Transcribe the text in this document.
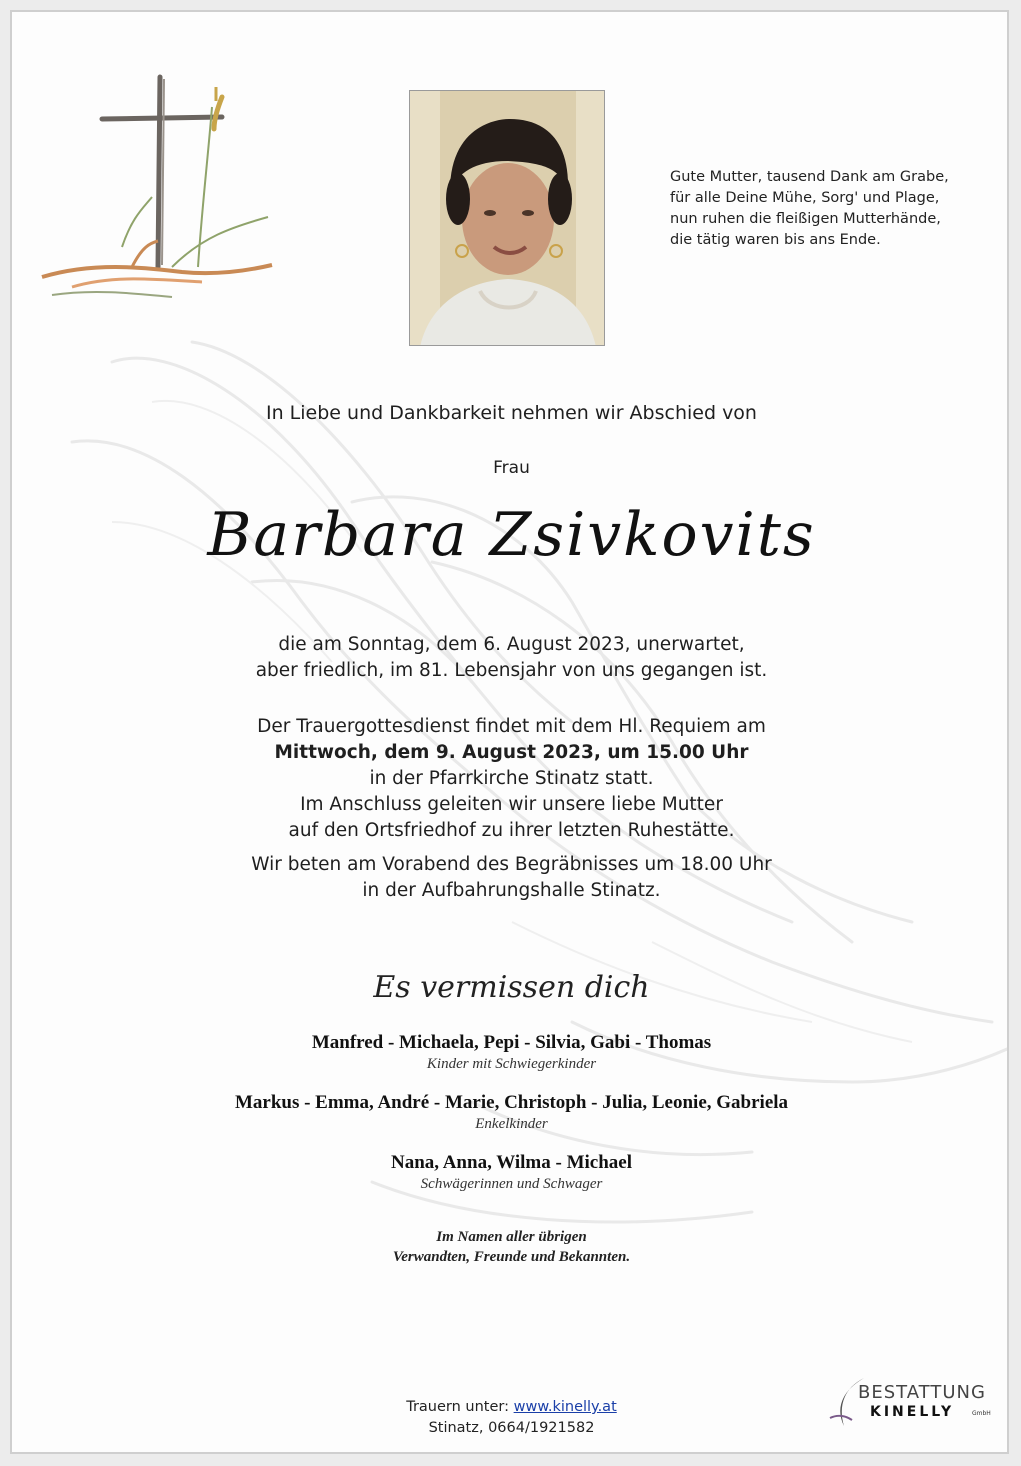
Gute Mutter, tausend Dank am Grabe,
für alle Deine Mühe, Sorg' und Plage,
nun ruhen die fleißigen Mutterhände,
die tätig waren bis ans Ende.
In Liebe und Dankbarkeit nehmen wir Abschied von
Frau
Barbara Zsivkovits
die am Sonntag, dem 6. August 2023, unerwartet,
aber friedlich, im 81. Lebensjahr von uns gegangen ist.
Der Trauergottesdienst findet mit dem Hl. Requiem am
Mittwoch, dem 9. August 2023, um 15.00 Uhr
in der Pfarrkirche Stinatz statt.
Im Anschluss geleiten wir unsere liebe Mutter
auf den Ortsfriedhof zu ihrer letzten Ruhestätte.
Wir beten am Vorabend des Begräbnisses um 18.00 Uhr
in der Aufbahrungshalle Stinatz.
Es vermissen dich
Manfred - Michaela, Pepi - Silvia, Gabi - Thomas
Kinder mit Schwiegerkinder
Markus - Emma, André - Marie, Christoph - Julia, Leonie, Gabriela
Enkelkinder
Nana, Anna, Wilma - Michael
Schwägerinnen und Schwager
Im Namen aller übrigen
Verwandten, Freunde und Bekannten.
Trauern unter: www.kinelly.at
Stinatz, 0664/1921582
BESTATTUNG
KINELLY	GmbH
